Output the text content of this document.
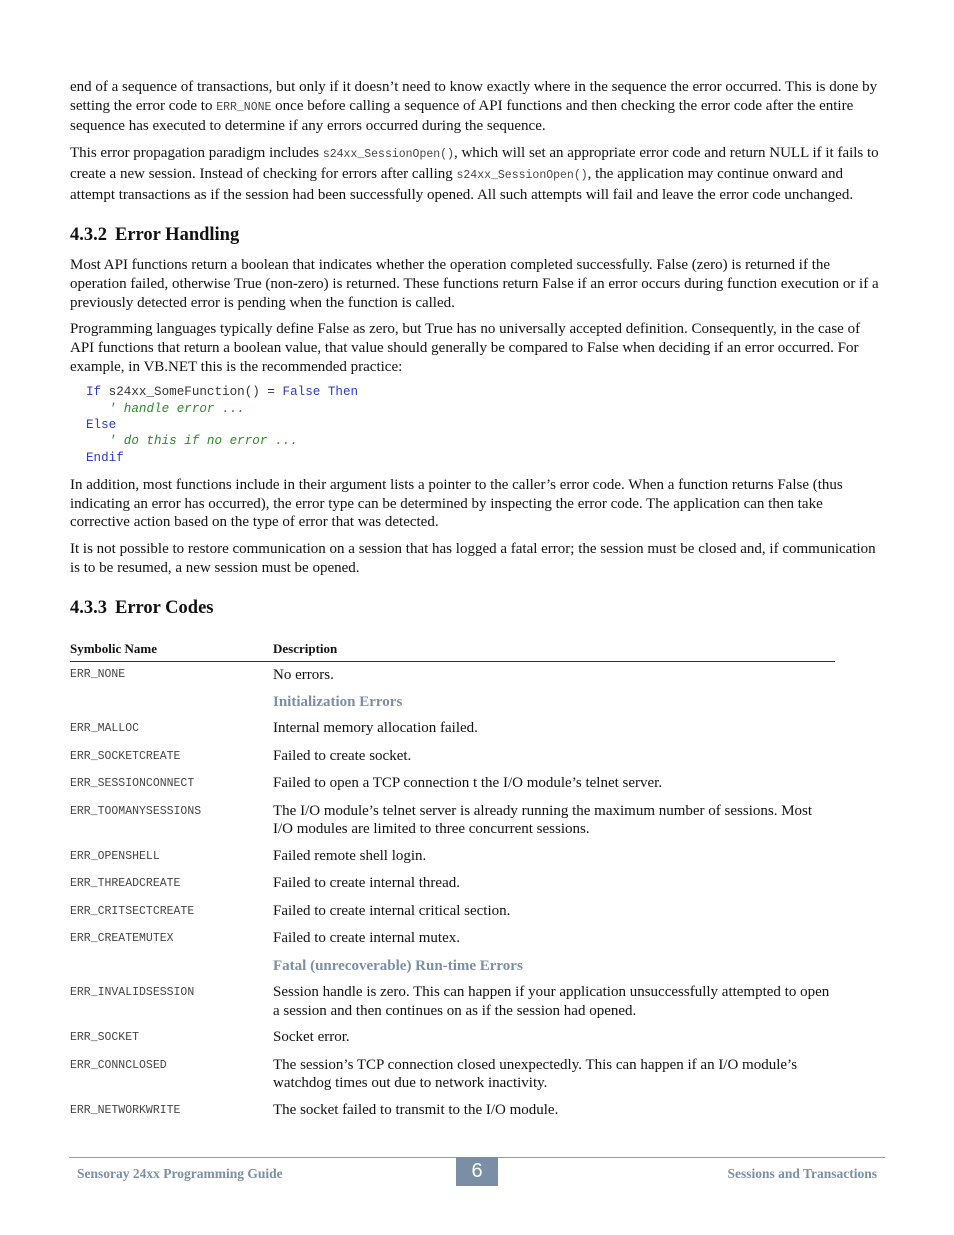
end of a sequence of transactions, but only if it doesn’t need to know exactly where in the sequence the error occurred. This is done by setting the error code to ERR_NONE once before calling a sequence of API functions and then checking the error code after the entire sequence has executed to determine if any errors occurred during the sequence.

This error propagation paradigm includes s24xx_SessionOpen(), which will set an appropriate error code and return NULL if it fails to create a new session. Instead of checking for errors after calling s24xx_SessionOpen(), the application may continue onward and attempt transactions as if the session had been successfully opened. All such attempts will fail and leave the error code unchanged.

4.3.2 Error Handling

Most API functions return a boolean that indicates whether the operation completed successfully. False (zero) is returned if the operation failed, otherwise True (non-zero) is returned. These functions return False if an error occurs during function execution or if a previously detected error is pending when the function is called.

Programming languages typically define False as zero, but True has no universally accepted definition. Consequently, in the case of API functions that return a boolean value, that value should generally be compared to False when deciding if an error occurred. For example, in VB.NET this is the recommended practice:

If s24xx_SomeFunction() = False Then
' handle error ...
Else
' do this if no error ...
Endif

In addition, most functions include in their argument lists a pointer to the caller’s error code. When a function returns False (thus indicating an error has occurred), the error type can be determined by inspecting the error code. The application can then take corrective action based on the type of error that was detected.

It is not possible to restore communication on a session that has logged a fatal error; the session must be closed and, if communication is to be resumed, a new session must be opened.

4.3.3 Error Codes
Symbolic Name	Description
ERR_NONE	No errors.
	Initialization Errors
ERR_MALLOC	Internal memory allocation failed.
ERR_SOCKETCREATE	Failed to create socket.
ERR_SESSIONCONNECT	Failed to open a TCP connection t the I/O module’s telnet server.
ERR_TOOMANYSESSIONS	The I/O module’s telnet server is already running the maximum number of sessions. Most I/O modules are limited to three concurrent sessions.
ERR_OPENSHELL	Failed remote shell login.
ERR_THREADCREATE	Failed to create internal thread.
ERR_CRITSECTCREATE	Failed to create internal critical section.
ERR_CREATEMUTEX	Failed to create internal mutex.
	Fatal (unrecoverable) Run-time Errors
ERR_INVALIDSESSION	Session handle is zero. This can happen if your application unsuccessfully attempted to open a session and then continues on as if the session had opened.
ERR_SOCKET	Socket error.
ERR_CONNCLOSED	The session’s TCP connection closed unexpectedly. This can happen if an I/O module’s watchdog times out due to network inactivity.
ERR_NETWORKWRITE	The socket failed to transmit to the I/O module.
Sensoray 24xx Programming Guide	6	Sessions and Transactions
